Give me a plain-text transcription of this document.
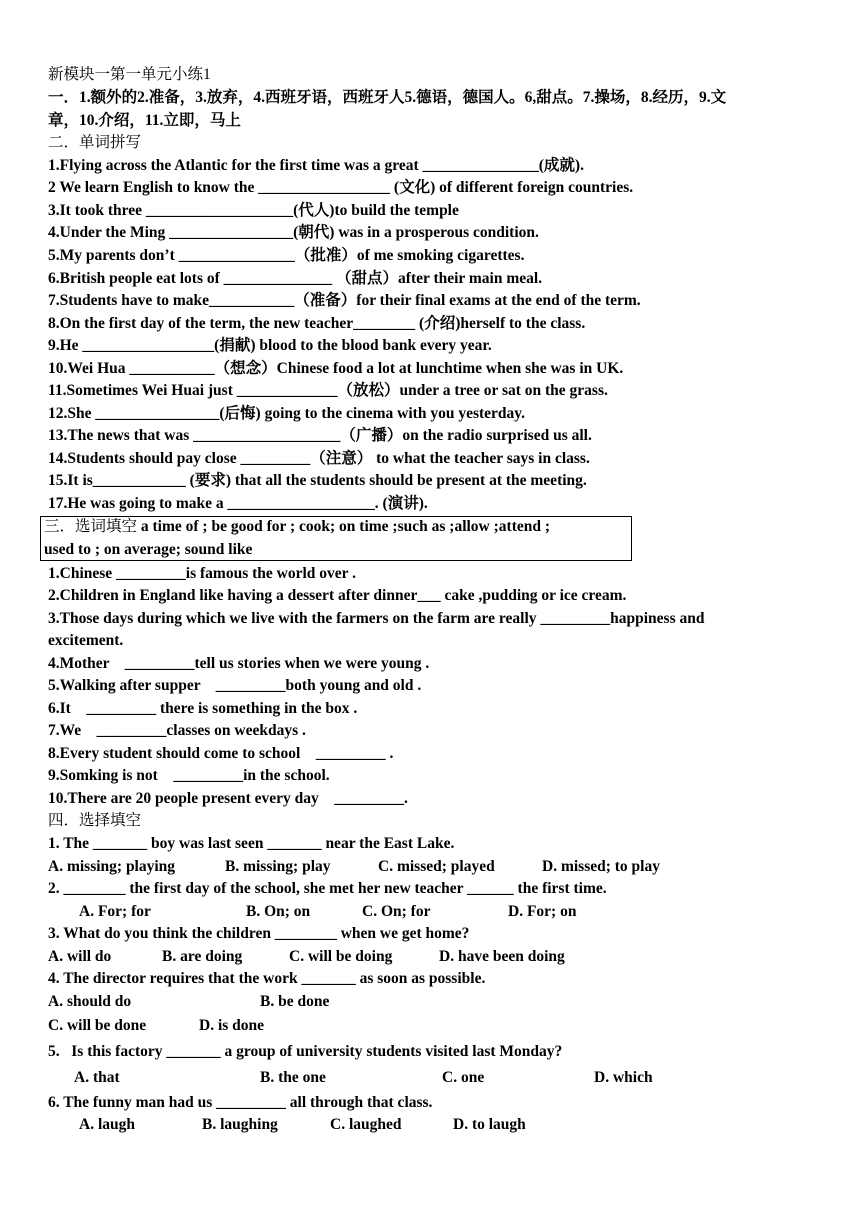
新模块一第一单元小练1
一．1.额外的2.准备，3.放弃，4.西班牙语，西班牙人5.德语，德国人。6,甜点。7.操场，8.经历，9.文
章，10.介绍，11.立即，马上
二．单词拼写
1.Flying across the Atlantic for the first time was a great _______________(成就).
2 We learn English to know the _________________ (文化) of different foreign countries.
3.It took three ___________________(代人)to build the temple
4.Under the Ming ________________(朝代) was in a prosperous condition.
5.My parents don’t _______________（批准）of me smoking cigarettes.
6.British people eat lots of ______________ （甜点）after their main meal.
7.Students have to make___________（准备）for their final exams at the end of the term.
8.On the first day of the term, the new teacher________ (介绍)herself to the class.
9.He _________________(捐献) blood to the blood bank every year.
10.Wei Hua ___________（想念）Chinese food a lot at lunchtime when she was in UK.
11.Sometimes Wei Huai just _____________（放松）under a tree or sat on the grass.
12.She ________________(后悔) going to the cinema with you yesterday.
13.The news that was ___________________（广播）on the radio surprised us all.
14.Students should pay close _________（注意） to what the teacher says in class.
15.It is____________ (要求) that all the students should be present at the meeting.
17.He was going to make a ___________________. (演讲).
三．选词填空 a time of ; be good for ; cook; on time ;such as ;allow ;attend ;
used to ; on average; sound like
1.Chinese _________is famous the world over .
2.Children in England like having a dessert after dinner___ cake ,pudding or ice cream.
3.Those days during which we live with the farmers on the farm are really _________happiness and
excitement.
4.Mother    _________tell us stories when we were young .
5.Walking after supper    _________both young and old .
6.It    _________ there is something in the box .
7.We    _________classes on weekdays .
8.Every student should come to school    _________ .
9.Somking is not    _________in the school.
10.There are 20 people present every day    _________.
四．选择填空
1. The _______ boy was last seen _______ near the East Lake.
A. missing; playing	B. missing; play	C. missed; played	D. missed; to play
2. ________ the first day of the school, she met her new teacher ______ the first time.
A. For; for	B. On; on	C. On; for	D. For; on
3. What do you think the children ________ when we get home?
A. will do	B. are doing	C. will be doing	D. have been doing
4. The director requires that the work _______ as soon as possible.
A. should do	B. be done
C. will be done	D. is done
5.   Is this factory _______ a group of university students visited last Monday?
A. that	B. the one	C. one	D. which
6. The funny man had us _________ all through that class.
A. laugh	B. laughing	C. laughed	D. to laugh
